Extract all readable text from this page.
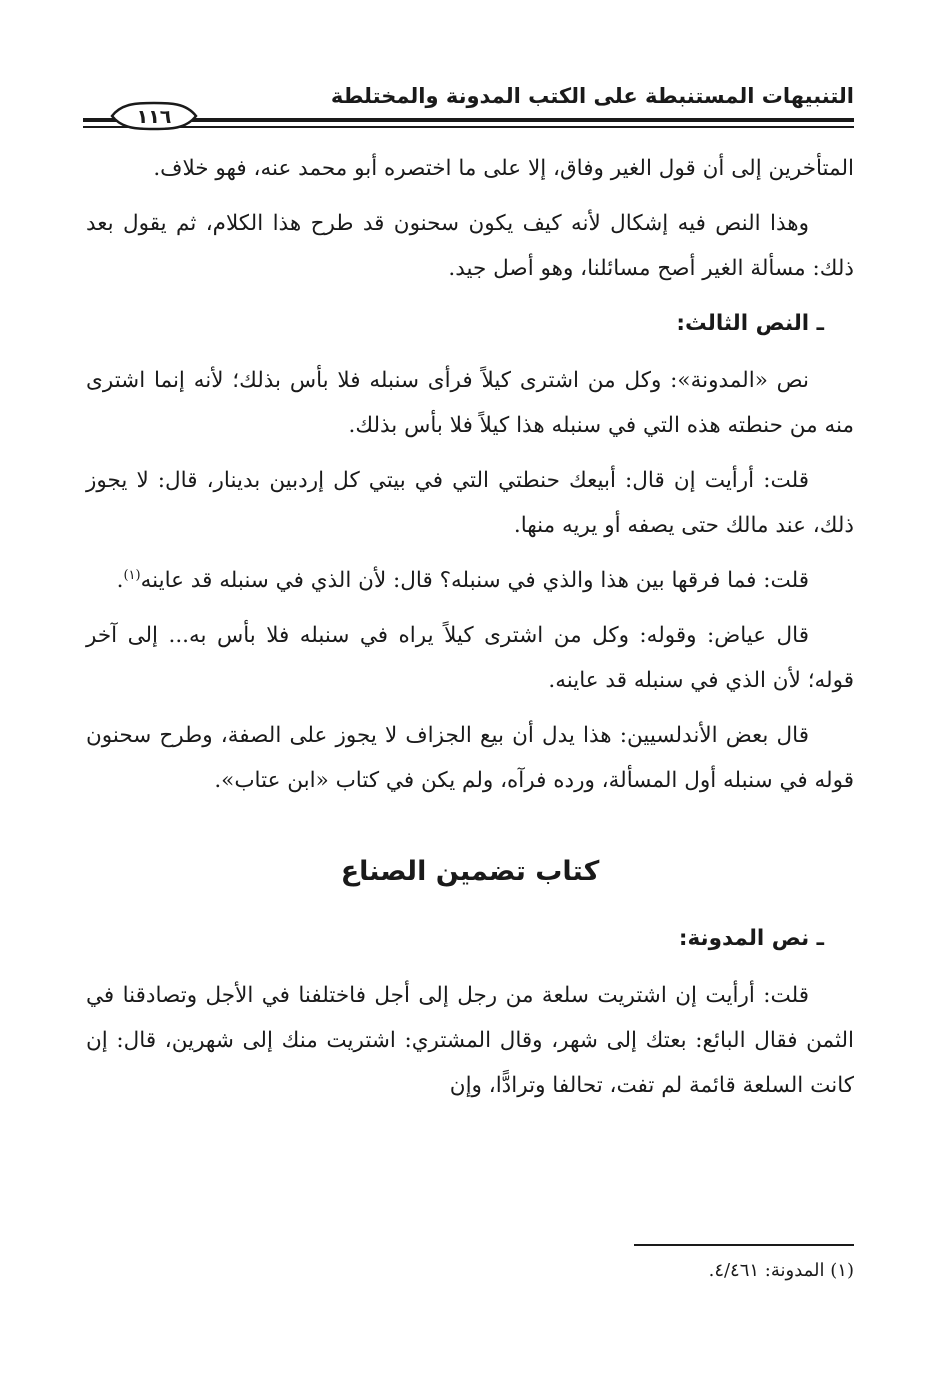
التنبيهات المستنبطة على الكتب المدونة والمختلطة
١١٦

المتأخرين إلى أن قول الغير وفاق، إلا على ما اختصره أبو محمد عنه، فهو خلاف.

وهذا النص فيه إشكال لأنه كيف يكون سحنون قد طرح هذا الكلام، ثم يقول بعد ذلك: مسألة الغير أصح مسائلنا، وهو أصل جيد.

ـ النص الثالث:

نص «المدونة»: وكل من اشترى كيلاً فرأى سنبله فلا بأس بذلك؛ لأنه إنما اشترى منه من حنطته هذه التي في سنبله هذا كيلاً فلا بأس بذلك.

قلت: أرأيت إن قال: أبيعك حنطتي التي في بيتي كل إردبين بدينار، قال: لا يجوز ذلك، عند مالك حتى يصفه أو يريه منها.

قلت: فما فرقها بين هذا والذي في سنبله؟ قال: لأن الذي في سنبله قد عاينه$^{(١)}$.

قال عياض: وقوله: وكل من اشترى كيلاً يراه في سنبله فلا بأس به... إلى آخر قوله؛ لأن الذي في سنبله قد عاينه.

قال بعض الأندلسيين: هذا يدل أن بيع الجزاف لا يجوز على الصفة، وطرح سحنون قوله في سنبله أول المسألة، ورده فرآه، ولم يكن في كتاب «ابن عتاب».

كتاب تضمين الصناع

ـ نص المدونة:

قلت: أرأيت إن اشتريت سلعة من رجل إلى أجل فاختلفنا في الأجل وتصادقنا في الثمن فقال البائع: بعتك إلى شهر، وقال المشتري: اشتريت منك إلى شهرين، قال: إن كانت السلعة قائمة لم تفت، تحالفا وترادًّا، وإن

(١) المدونة: ٤/٤٦١.
